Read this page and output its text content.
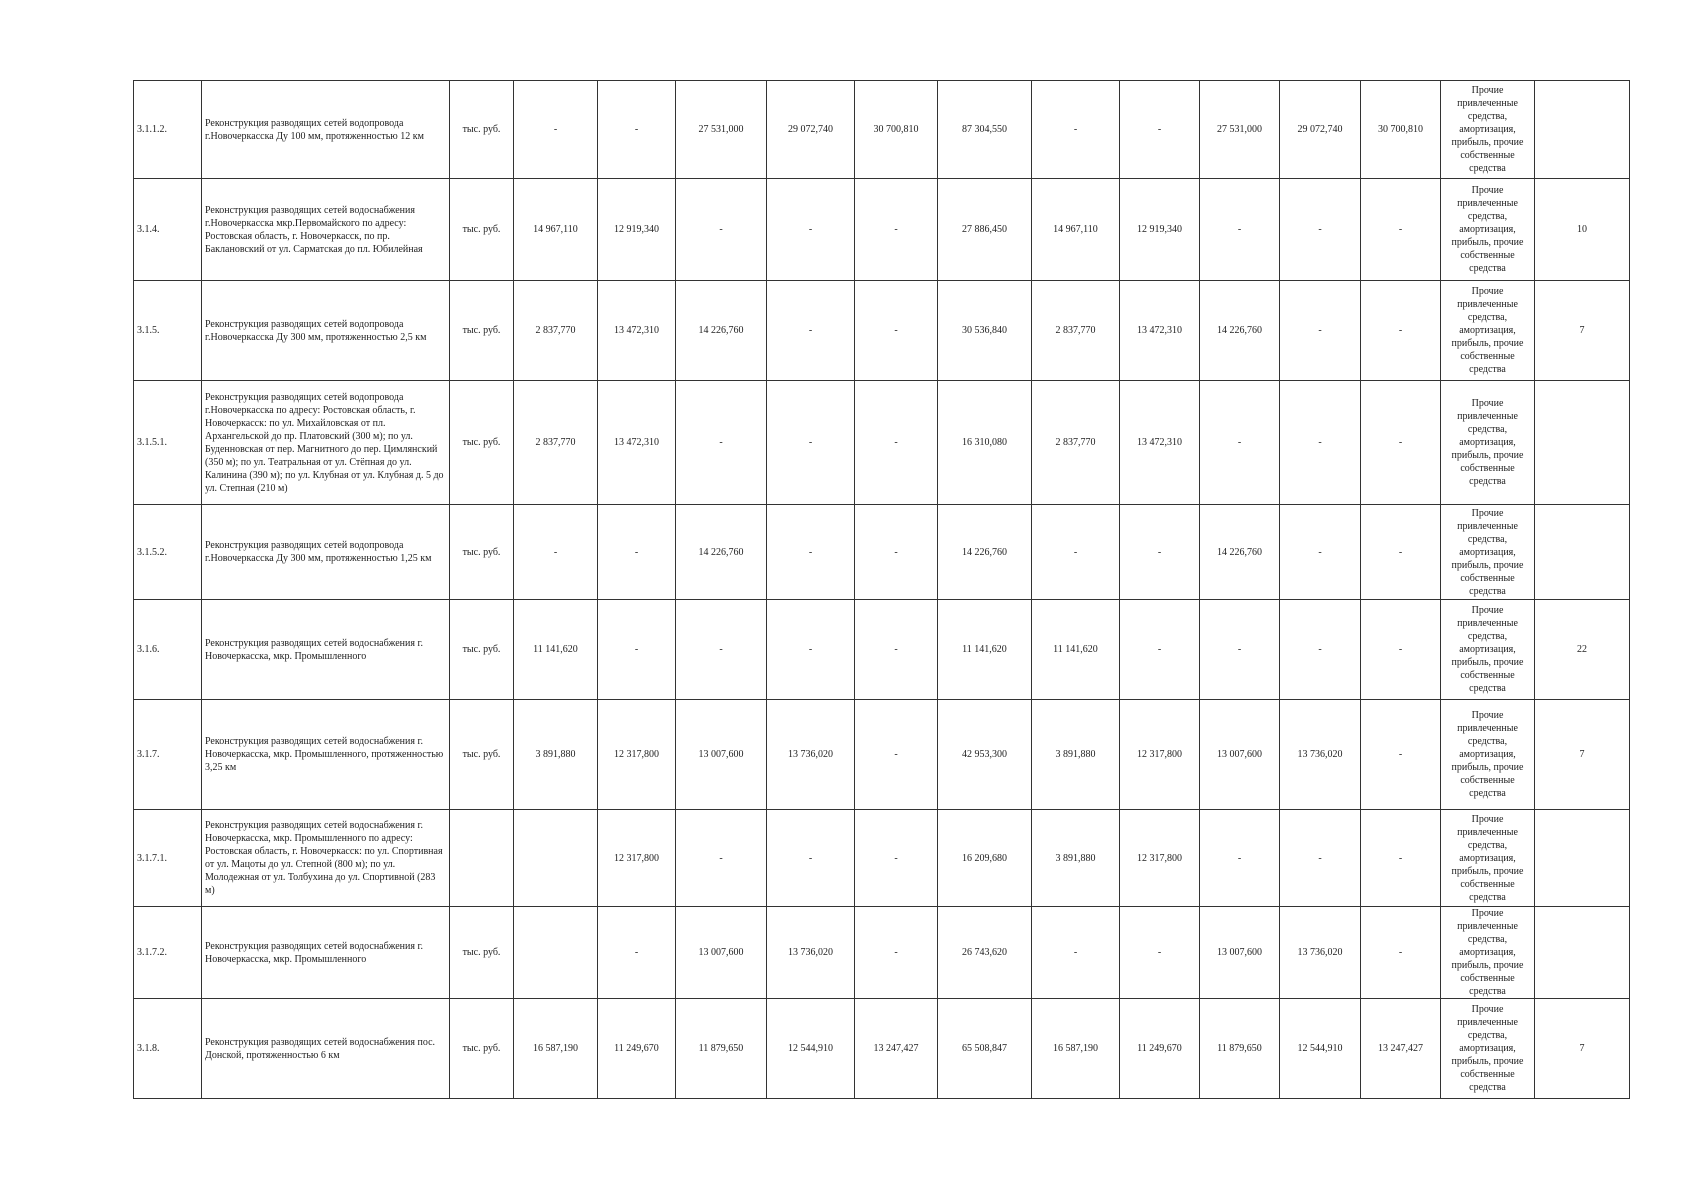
3.1.1.2.	Реконструкция разводящих сетей водопровода г.Новочеркасска Ду 100 мм, протяженностью 12 км	тыс. руб.	-	-	27 531,000	29 072,740	30 700,810	87 304,550	-	-	27 531,000	29 072,740	30 700,810	Прочие привлеченные средства, амортизация, прибыль, прочие собственные средства	
3.1.4.	Реконструкция разводящих сетей водоснабжения г.Новочеркасска мкр.Первомайского по адресу: Ростовская область, г. Новочеркасск, по пр. Баклановский от ул. Сарматская до пл. Юбилейная	тыс. руб.	14 967,110	12 919,340	-	-	-	27 886,450	14 967,110	12 919,340	-	-	-	Прочие привлеченные средства, амортизация, прибыль, прочие собственные средства	10
3.1.5.	Реконструкция разводящих сетей водопровода г.Новочеркасска Ду 300 мм, протяженностью 2,5 км	тыс. руб.	2 837,770	13 472,310	14 226,760	-	-	30 536,840	2 837,770	13 472,310	14 226,760	-	-	Прочие привлеченные средства, амортизация, прибыль, прочие собственные средства	7
3.1.5.1.	Реконструкция разводящих сетей водопровода г.Новочеркасска по адресу: Ростовская область, г. Новочеркасск: по ул. Михайловская от пл. Архангельской до пр. Платовский (300 м); по ул. Буденновская от пер. Магнитного до пер. Цимлянский (350 м); по ул. Театральная от ул. Стёпная до ул. Калинина (390 м); по ул. Клубная от ул. Клубная д. 5 до ул. Степная (210 м)	тыс. руб.	2 837,770	13 472,310	-	-	-	16 310,080	2 837,770	13 472,310	-	-	-	Прочие привлеченные средства, амортизация, прибыль, прочие собственные средства	
3.1.5.2.	Реконструкция разводящих сетей водопровода г.Новочеркасска Ду 300 мм, протяженностью 1,25 км	тыс. руб.	-	-	14 226,760	-	-	14 226,760	-	-	14 226,760	-	-	Прочие привлеченные средства, амортизация, прибыль, прочие собственные средства	
3.1.6.	Реконструкция разводящих сетей водоснабжения г. Новочеркасска, мкр. Промышленного	тыс. руб.	11 141,620	-	-	-	-	11 141,620	11 141,620	-	-	-	-	Прочие привлеченные средства, амортизация, прибыль, прочие собственные средства	22
3.1.7.	Реконструкция разводящих сетей водоснабжения г. Новочеркасска, мкр. Промышленного, протяженностью 3,25 км	тыс. руб.	3 891,880	12 317,800	13 007,600	13 736,020	-	42 953,300	3 891,880	12 317,800	13 007,600	13 736,020	-	Прочие привлеченные средства, амортизация, прибыль, прочие собственные средства	7
3.1.7.1.	Реконструкция разводящих сетей водоснабжения г. Новочеркасска, мкр. Промышленного по адресу: Ростовская область, г. Новочеркасск: по ул. Спортивная от ул. Мацоты до ул. Степной (800 м); по ул. Молодежная от ул. Толбухина до ул. Спортивной (283 м)			12 317,800	-	-	-	16 209,680	3 891,880	12 317,800	-	-	-	Прочие привлеченные средства, амортизация, прибыль, прочие собственные средства	
3.1.7.2.	Реконструкция разводящих сетей водоснабжения г. Новочеркасска, мкр. Промышленного	тыс. руб.		-	13 007,600	13 736,020	-	26 743,620	-	-	13 007,600	13 736,020	-	Прочие привлеченные средства, амортизация, прибыль, прочие собственные средства	
3.1.8.	Реконструкция разводящих сетей водоснабжения пос. Донской, протяженностью 6 км	тыс. руб.	16 587,190	11 249,670	11 879,650	12 544,910	13 247,427	65 508,847	16 587,190	11 249,670	11 879,650	12 544,910	13 247,427	Прочие привлеченные средства, амортизация, прибыль, прочие собственные средства	7
